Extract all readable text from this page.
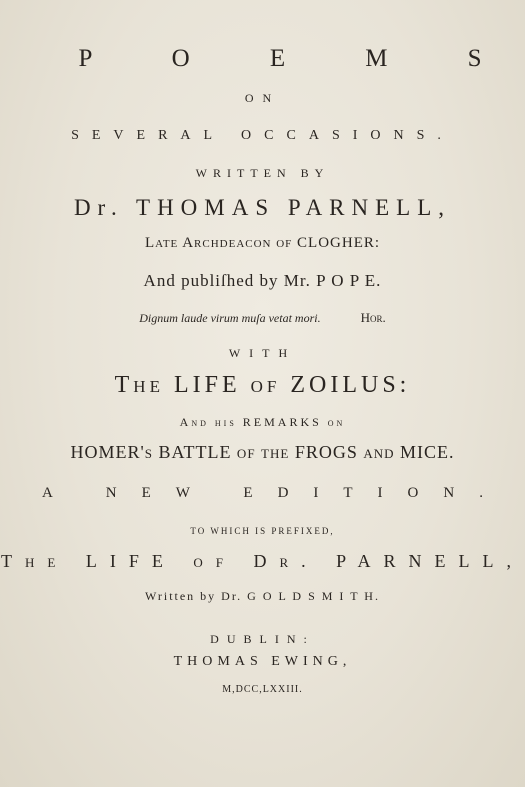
P O E M S
ON
SEVERAL OCCASIONS.
WRITTEN BY
Dr. THOMAS PARNELL,
Late Archdeacon of CLOGHER:
And publiſhed by Mr. P O P E.
Dignum laude virum muſa vetat mori.	Hor.
WITH
The LIFE of ZOILUS:
And his REMARKS on
HOMER's BATTLE of the FROGS and MICE.
A NEW EDITION.
TO WHICH IS PREFIXED,
The LIFE of Dr. PARNELL,
Written by Dr. G O L D S M I T H.
DUBLIN:
THOMAS EWING,
M,DCC,LXXIII.
